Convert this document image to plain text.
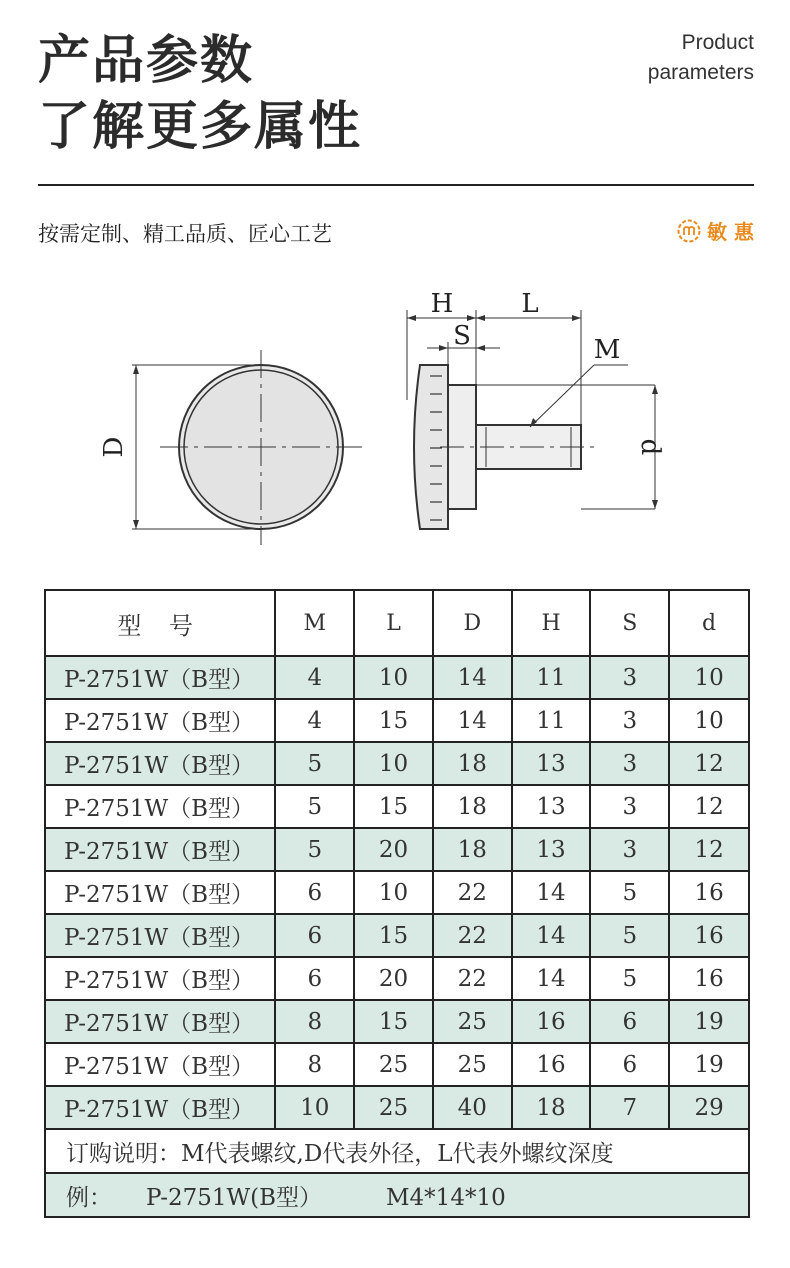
产品参数
了解更多属性
Product
parameters
按需定制、精工品质、匠心工艺	敏 惠
D
H	L
S	M
d
型 号	M	L	D	H	S	d
P-2751W（B型）	4	10	14	11	3	10
P-2751W（B型）	4	15	14	11	3	10
P-2751W（B型）	5	10	18	13	3	12
P-2751W（B型）	5	15	18	13	3	12
P-2751W（B型）	5	20	18	13	3	12
P-2751W（B型）	6	10	22	14	5	16
P-2751W（B型）	6	15	22	14	5	16
P-2751W（B型）	6	20	22	14	5	16
P-2751W（B型）	8	15	25	16	6	19
P-2751W（B型）	8	25	25	16	6	19
P-2751W（B型）	10	25	40	18	7	29
订购说明：M代表螺纹,D代表外径，L代表外螺纹深度						
例： P-2751W(B型） M4*14*10						
